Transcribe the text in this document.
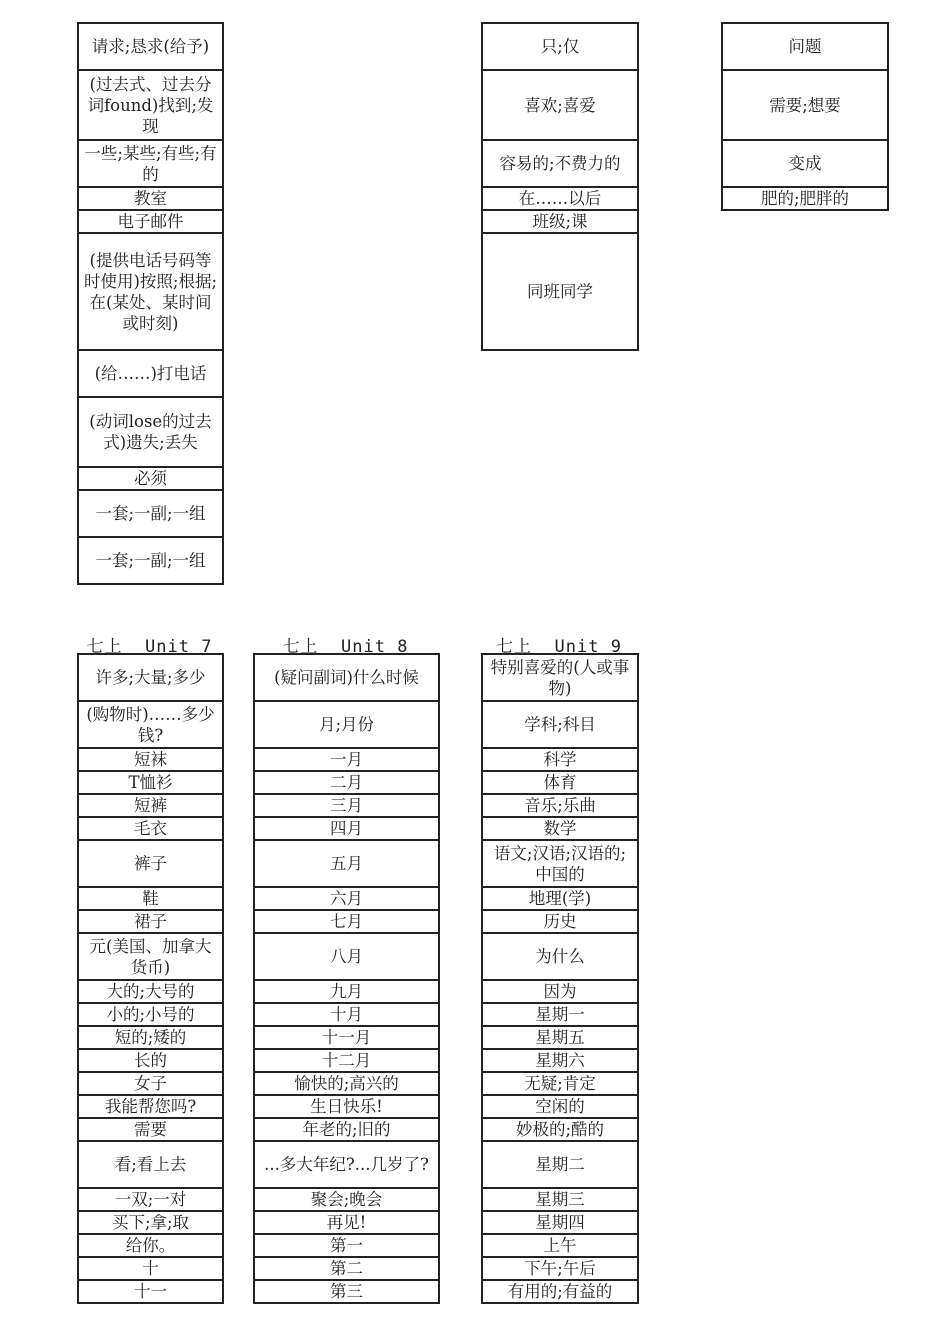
请求;恳求(给予)
(过去式、过去分词found)找到;发现
一些;某些;有些;有的
教室
电子邮件
(提供电话号码等时使用)按照;根据;在(某处、某时间或时刻)
(给……)打电话
(动词lose的过去式)遗失;丢失
必须
一套;一副;一组
一套;一副;一组
只;仅
喜欢;喜爱
容易的;不费力的
在……以后
班级;课
同班同学
问题
需要;想要
变成
肥的;肥胖的
七上  Unit 7	七上  Unit 8	七上  Unit 9
许多;大量;多少
(购物时)……多少钱?
短袜
T恤衫
短裤
毛衣
裤子
鞋
裙子
元(美国、加拿大货币)
大的;大号的
小的;小号的
短的;矮的
长的
女子
我能帮您吗?
需要
看;看上去
一双;一对
买下;拿;取
给你。
十
十一
(疑问副词)什么时候
月;月份
一月
二月
三月
四月
五月
六月
七月
八月
九月
十月
十一月
十二月
愉快的;高兴的
生日快乐!
年老的;旧的
...多大年纪?...几岁了?
聚会;晚会
再见!
第一
第二
第三
特别喜爱的(人或事物)
学科;科目
科学
体育
音乐;乐曲
数学
语文;汉语;汉语的;中国的
地理(学)
历史
为什么
因为
星期一
星期五
星期六
无疑;肯定
空闲的
妙极的;酷的
星期二
星期三
星期四
上午
下午;午后
有用的;有益的
